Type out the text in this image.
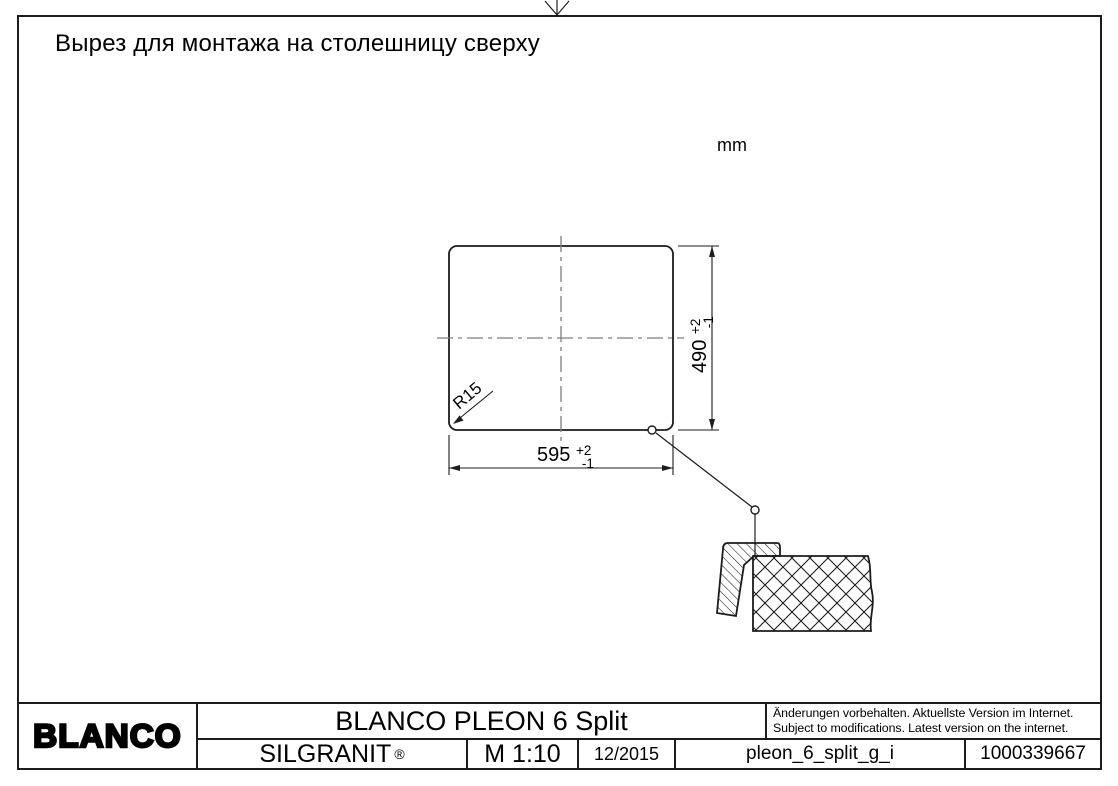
Вырез для монтажа на столешницу сверху
mm
490 $^{+2}$ -1
595 $^{+2}$ -1
R15
BLANCO	BLANCO PLEON 6 Split	Änderungen vorbehalten. Aktuellste Version im Internet.
Subject to modifications. Latest version on the internet.
SILGRANIT ®	M 1:10 12/2015	pleon_6_split_g_i	1000339667
